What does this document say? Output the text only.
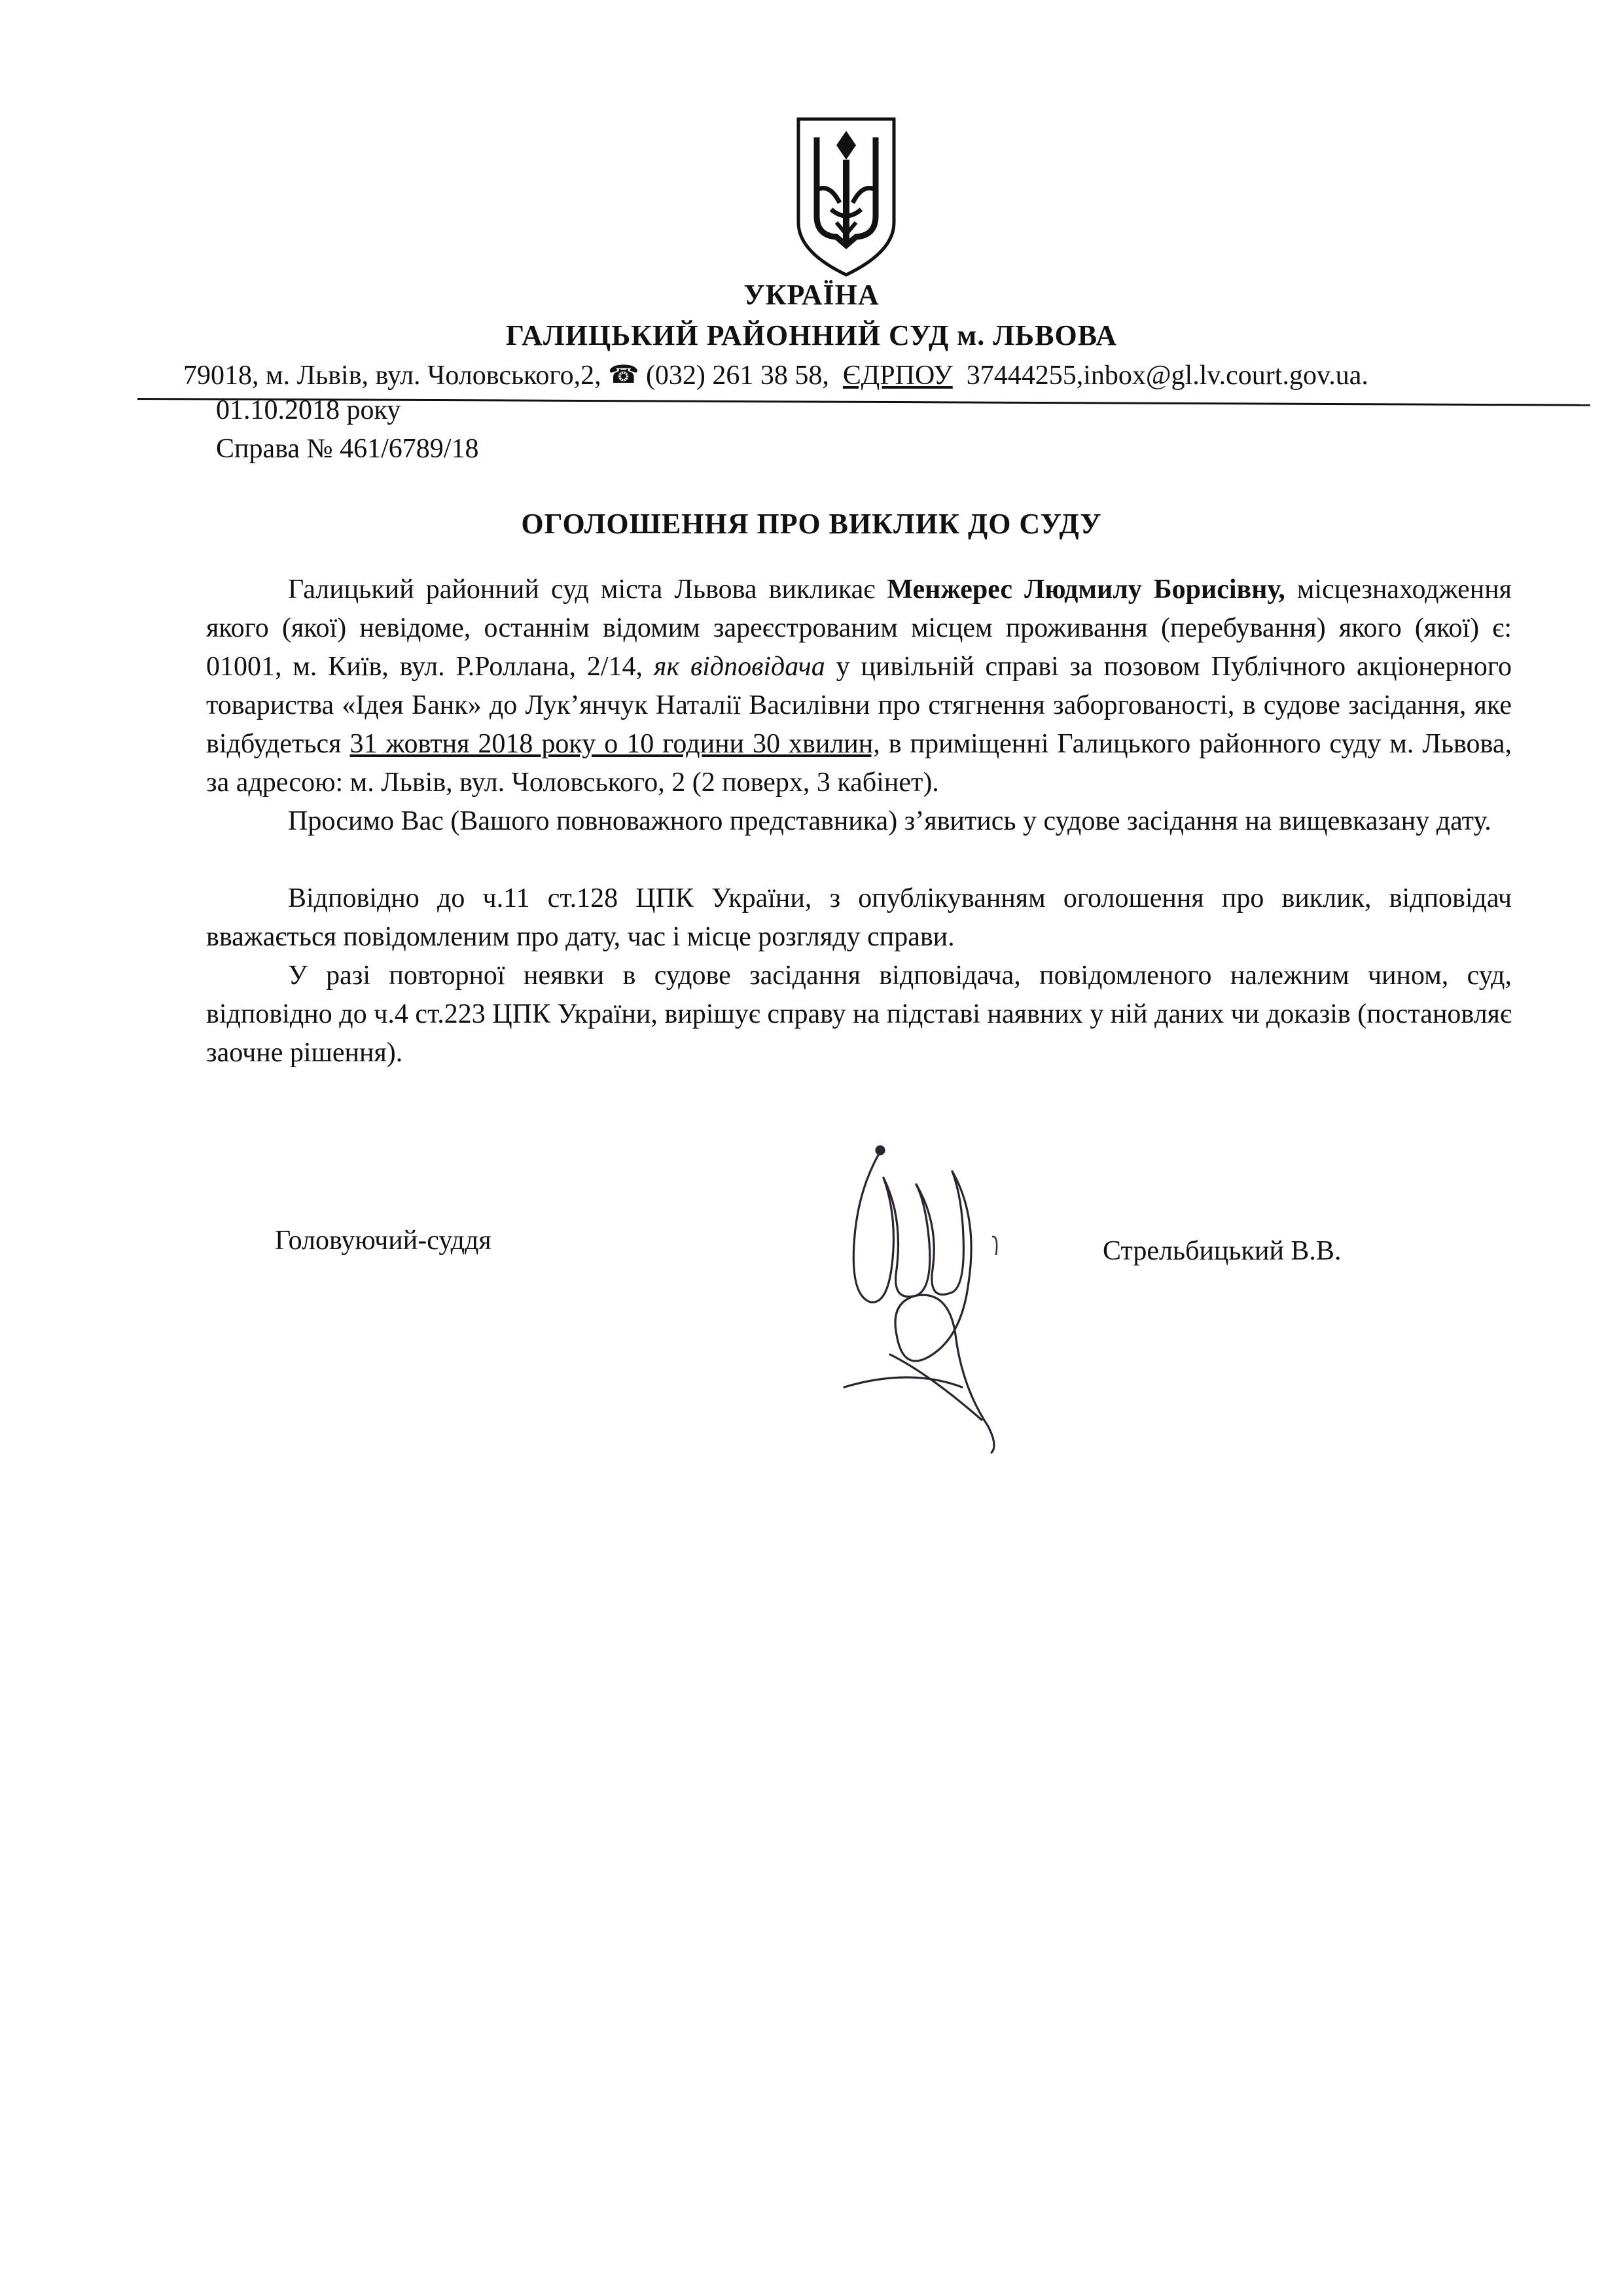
УКРАЇНА
ГАЛИЦЬКИЙ РАЙОННИЙ СУД м. ЛЬВОВА
79018, м. Львів, вул. Чоловського,2, ☎ (032) 261 38 58,  ЄДРПОУ 37444255,inbox@gl.lv.court.gov.ua.
01.10.2018 року
Справа № 461/6789/18
ОГОЛОШЕННЯ ПРО ВИКЛИК ДО СУДУ

Галицький районний суд міста Львова викликає Менжерес Людмилу Борисівну, місцезнаходження якого (якої) невідоме, останнім відомим зареєстрованим місцем проживання (перебування) якого (якої) є: 01001, м. Київ, вул. Р.Роллана, 2/14, як відповідача у цивільній справі за позовом Публічного акціонерного товариства «Ідея Банк» до Лук’янчук Наталії Василівни про стягнення заборгованості, в судове засідання, яке відбудеться 31 жовтня 2018 року о 10 години 30 хвилин, в приміщенні Галицького районного суду м. Львова, за адресою: м. Львів, вул. Чоловського, 2 (2 поверх, 3 кабінет).

Просимо Вас (Вашого повноважного представника) з’явитись у судове засідання на вищевказану дату.

Відповідно до ч.11 ст.128 ЦПК України, з опублікуванням оголошення про виклик, відповідач вважається повідомленим про дату, час і місце розгляду справи.

У разі повторної неявки в судове засідання відповідача, повідомленого належним чином, суд, відповідно до ч.4 ст.223 ЦПК України, вирішує справу на підставі наявних у ній даних чи доказів (постановляє заочне рішення).

Головуючий-суддя	Стрельбицький В.В.
